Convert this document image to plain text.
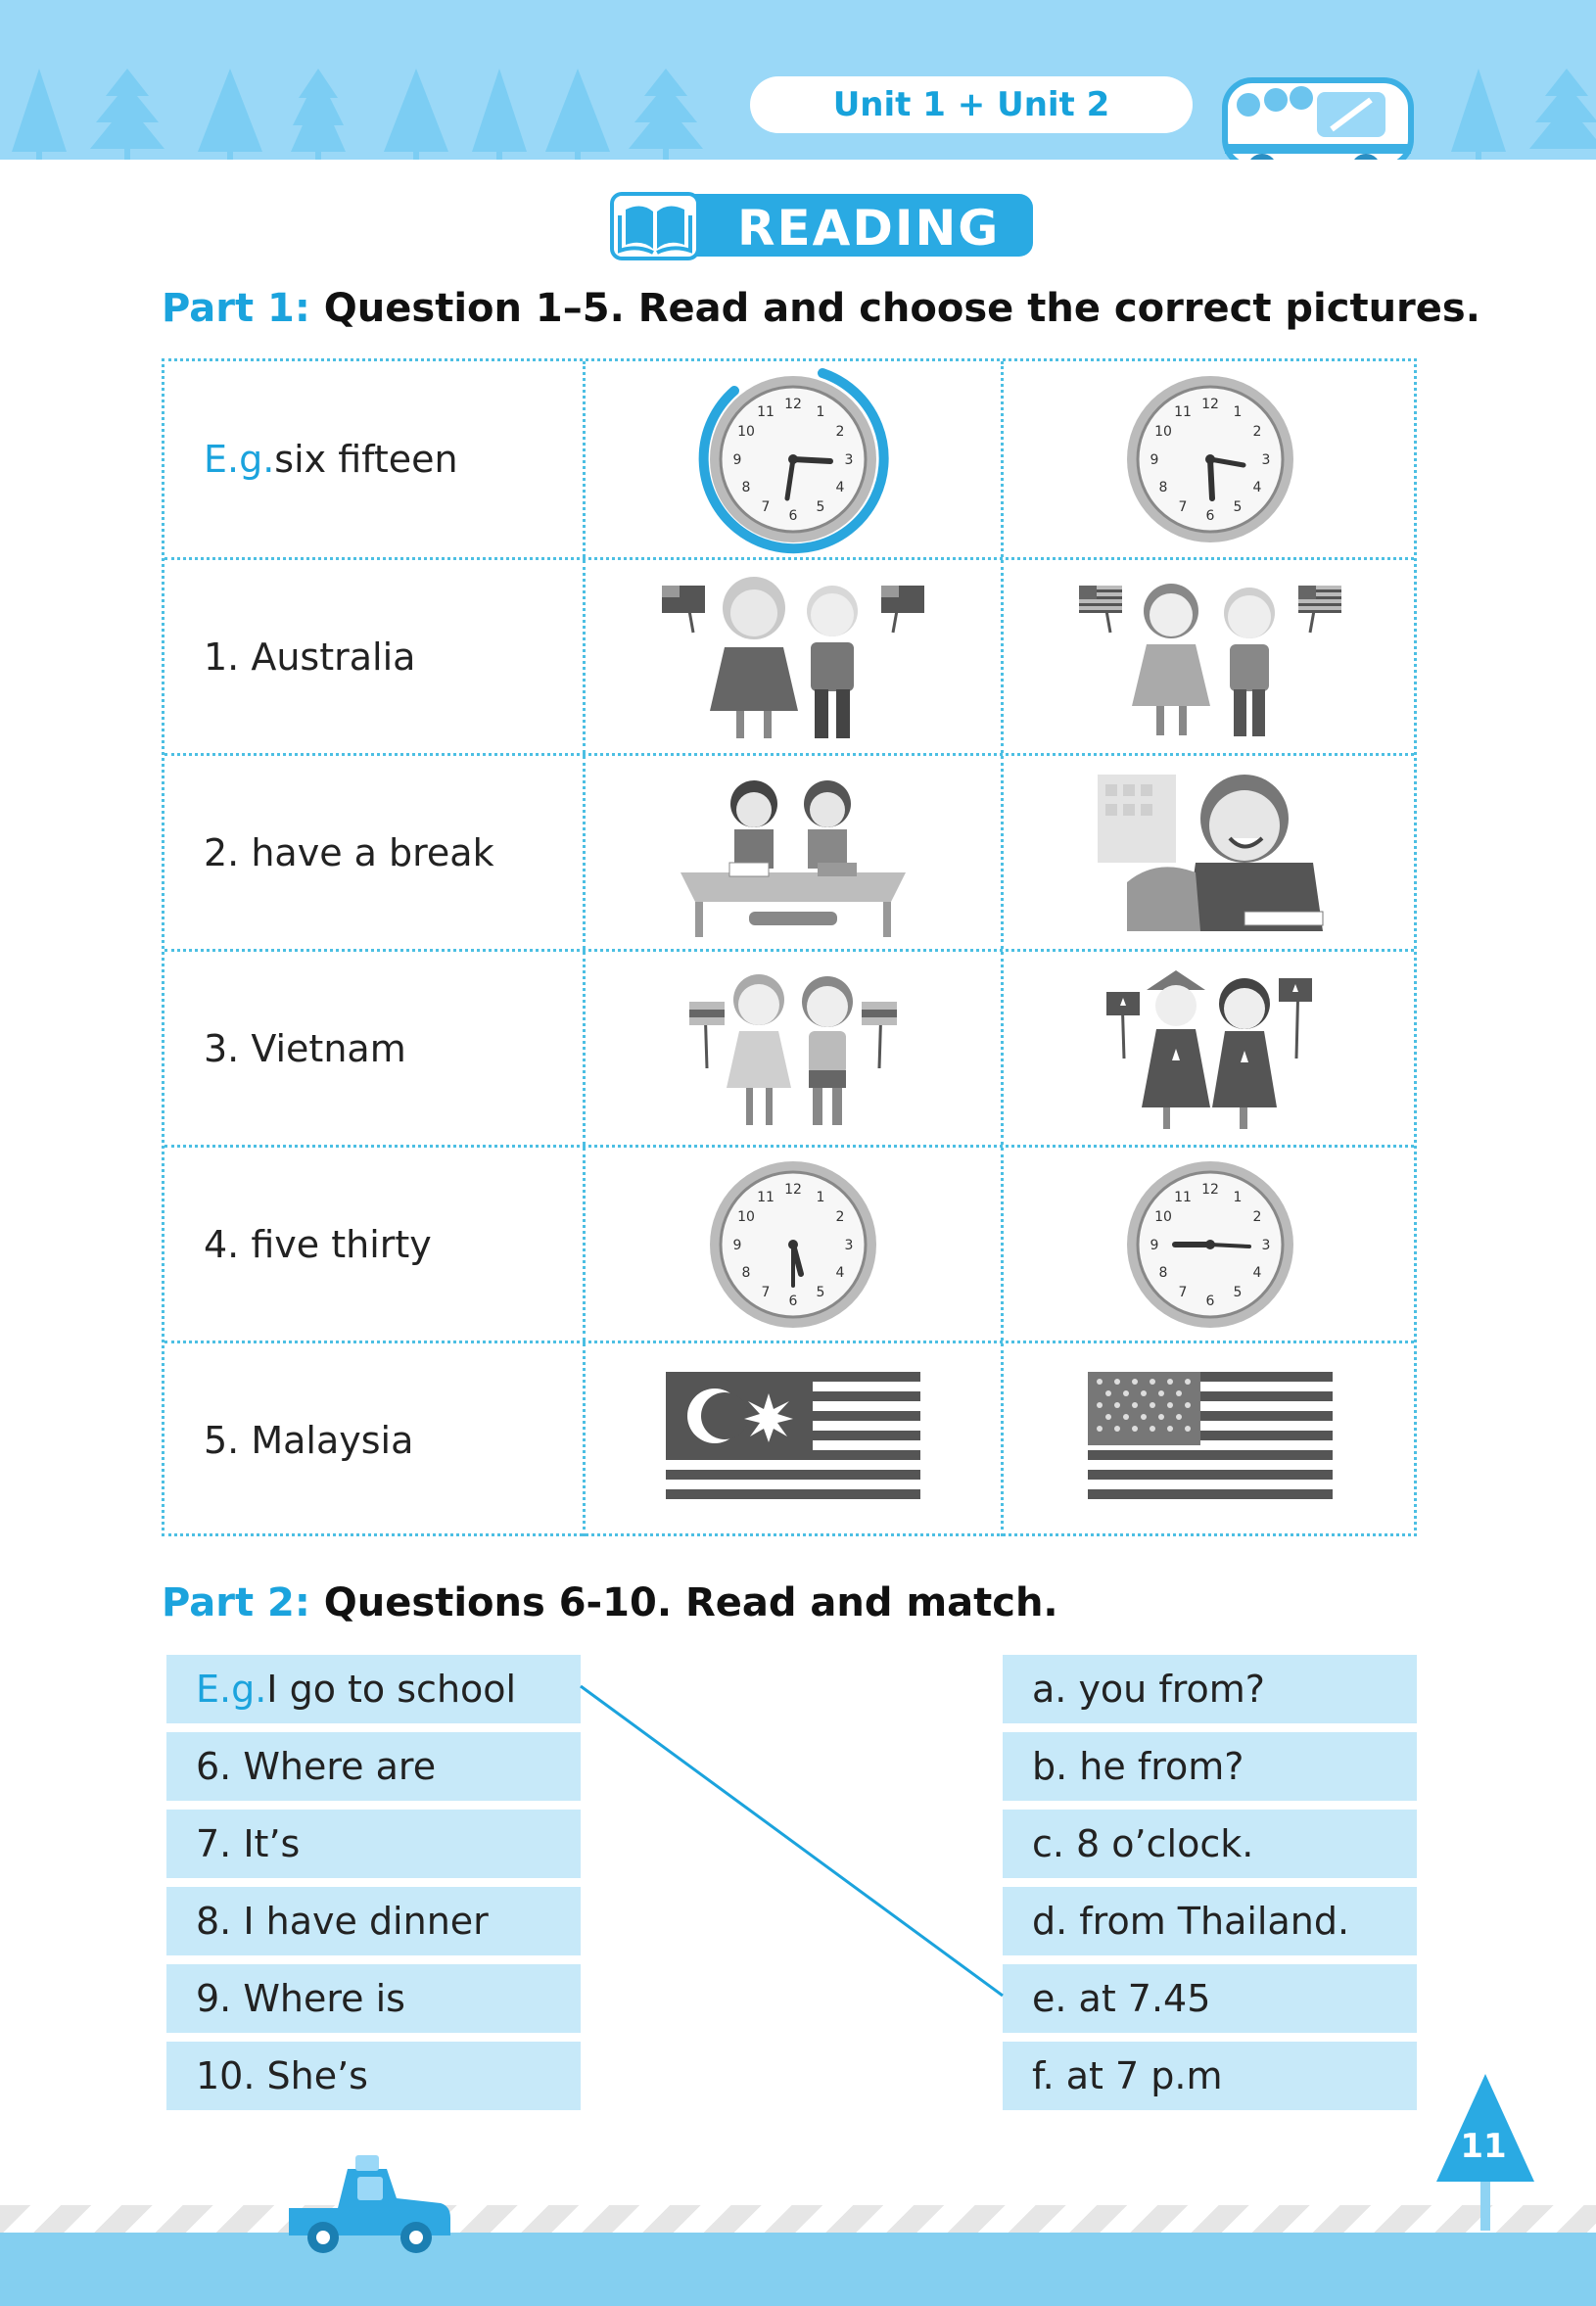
Unit 1 + Unit 2
READING
Part 1: Question 1–5. Read and choose the correct pictures.
E.g. six fifteen
12 1
2
3
4
5
6
7
8
9
10
11	12 1
2
3
4
5
6
7
8
9
10
11
1. Australia
2. have a break
3. Vietnam
4. five thirty
12 1
2
3
4
5
6
7
8
9
10
11	12 1
2
3
4
5
6
7
8
9
10
11
5. Malaysia
Part 2: Questions 6-10. Read and match.
E.g. I go to school
6. Where are
7. It’s
8. I have dinner
9. Where is
10. She’s
a. you from?
b. he from?
c. 8 o’clock.
d. from Thailand.
e. at 7.45
f. at 7 p.m
11
